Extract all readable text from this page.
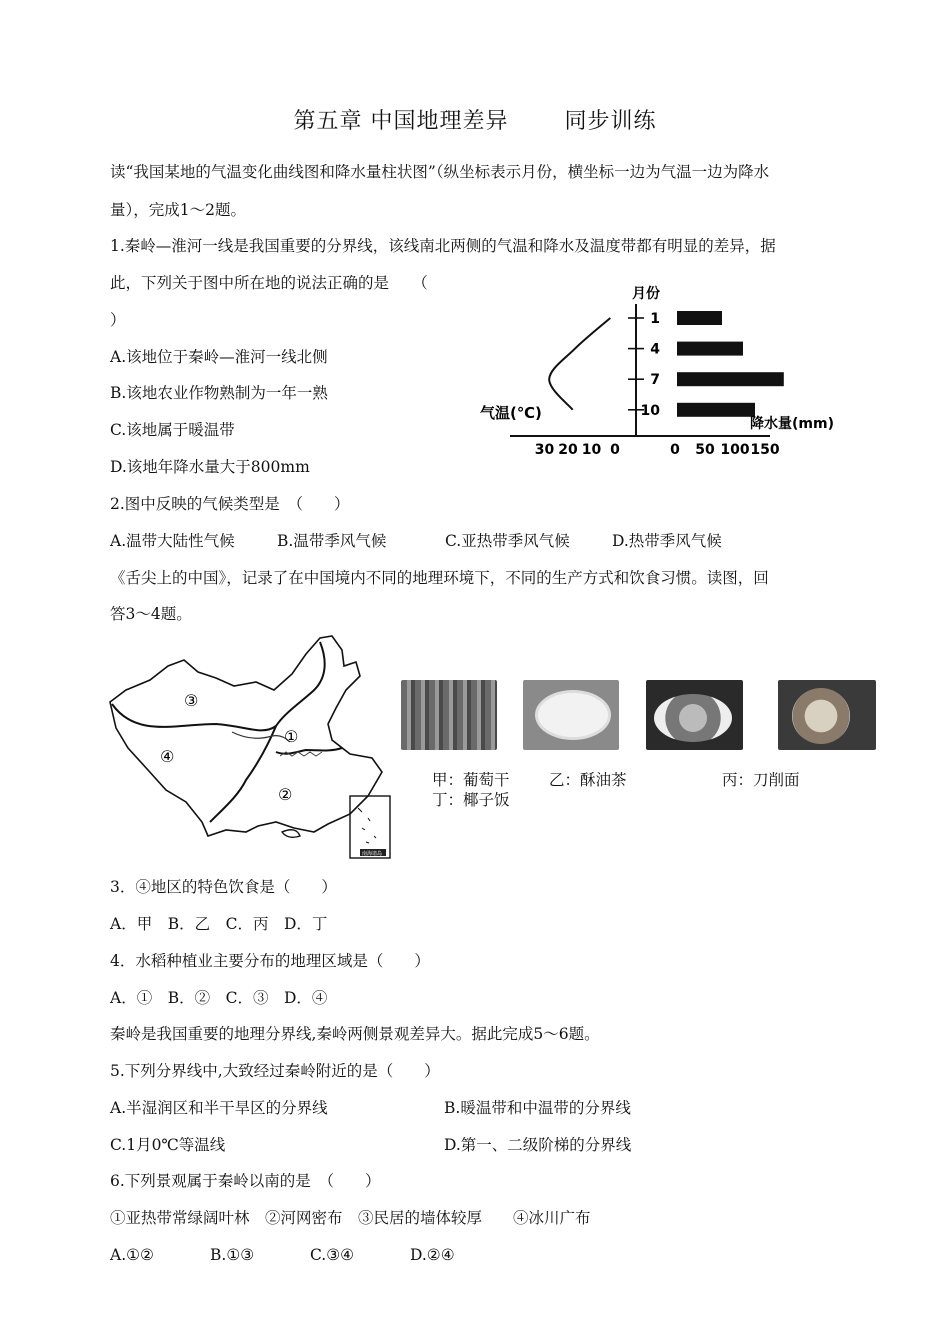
第五章 中国地理差异	同步训练
读“我国某地的气温变化曲线图和降水量柱状图”（纵坐标表示月份，横坐标一边为气温一边为降水
量），完成1～2题。
1.秦岭—淮河一线是我国重要的分界线，该线南北两侧的气温和降水及温度带都有明显的差异，据
此，下列关于图中所在地的说法正确的是　　（
）
A.该地位于秦岭—淮河一线北侧
B.该地农业作物熟制为一年一熟
C.该地属于暖温带
D.该地年降水量大于800mm
1
4
7
10
月份
气温(℃)
降水量(mm)
30 20 10 0	0 50 100 150
2.图中反映的气候类型是　（　　）
A.温带大陆性气候	B.温带季风气候	C.亚热带季风气候	D.热带季风气候
《舌尖上的中国》，记录了在中国境内不同的地理环境下，不同的生产方式和饮食习惯。读图，回
答3～4题。
③
①
④
②
南海诸岛
甲：葡萄干	乙：酥油茶	丙：刀削面
丁：椰子饭
3．④地区的特色饮食是（　　）
A．甲　B．乙　C．丙　D．丁
4．水稻种植业主要分布的地理区域是（　　）
A．①　B．②　C．③　D．④
秦岭是我国重要的地理分界线,秦岭两侧景观差异大。据此完成5～6题。
5.下列分界线中,大致经过秦岭附近的是（　　）
A.半湿润区和半干旱区的分界线	B.暖温带和中温带的分界线
C.1月0℃等温线	D.第一、二级阶梯的分界线
6.下列景观属于秦岭以南的是　（　　）
①亚热带常绿阔叶林　②河网密布　③民居的墙体较厚　　④冰川广布
A.①②	B.①③	C.③④	D.②④
